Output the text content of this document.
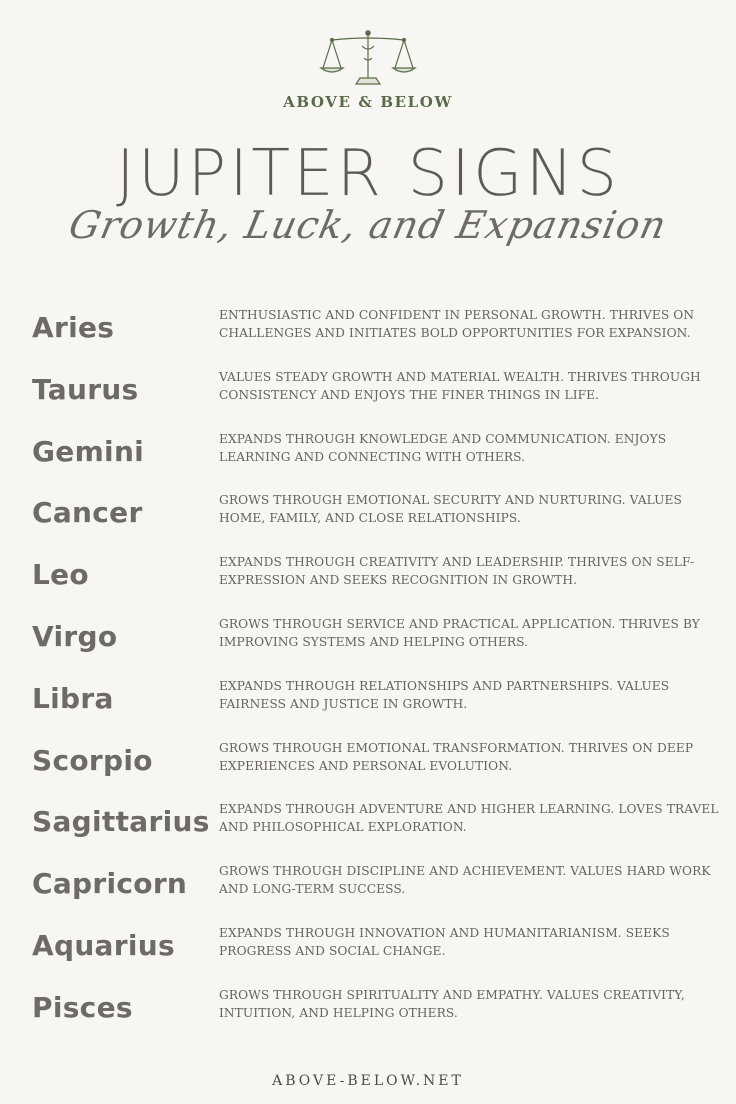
ABOVE & BELOW
JUPITER SIGNS
Growth, Luck, and Expansion
Aries	ENTHUSIASTIC AND CONFIDENT IN PERSONAL GROWTH. THRIVES ON CHALLENGES AND INITIATES BOLD OPPORTUNITIES FOR EXPANSION.
Taurus	VALUES STEADY GROWTH AND MATERIAL WEALTH. THRIVES THROUGH CONSISTENCY AND ENJOYS THE FINER THINGS IN LIFE.
Gemini	EXPANDS THROUGH KNOWLEDGE AND COMMUNICATION. ENJOYS LEARNING AND CONNECTING WITH OTHERS.
Cancer	GROWS THROUGH EMOTIONAL SECURITY AND NURTURING. VALUES HOME, FAMILY, AND CLOSE RELATIONSHIPS.
Leo	EXPANDS THROUGH CREATIVITY AND LEADERSHIP. THRIVES ON SELF-EXPRESSION AND SEEKS RECOGNITION IN GROWTH.
Virgo	GROWS THROUGH SERVICE AND PRACTICAL APPLICATION. THRIVES BY IMPROVING SYSTEMS AND HELPING OTHERS.
Libra	EXPANDS THROUGH RELATIONSHIPS AND PARTNERSHIPS. VALUES FAIRNESS AND JUSTICE IN GROWTH.
Scorpio	GROWS THROUGH EMOTIONAL TRANSFORMATION. THRIVES ON DEEP EXPERIENCES AND PERSONAL EVOLUTION.
Sagittarius EXPANDS THROUGH ADVENTURE AND HIGHER LEARNING. LOVES TRAVEL AND PHILOSOPHICAL EXPLORATION.
Capricorn	GROWS THROUGH DISCIPLINE AND ACHIEVEMENT. VALUES HARD WORK AND LONG-TERM SUCCESS.
Aquarius	EXPANDS THROUGH INNOVATION AND HUMANITARIANISM. SEEKS PROGRESS AND SOCIAL CHANGE.
Pisces	GROWS THROUGH SPIRITUALITY AND EMPATHY. VALUES CREATIVITY, INTUITION, AND HELPING OTHERS.
ABOVE-BELOW.NET
